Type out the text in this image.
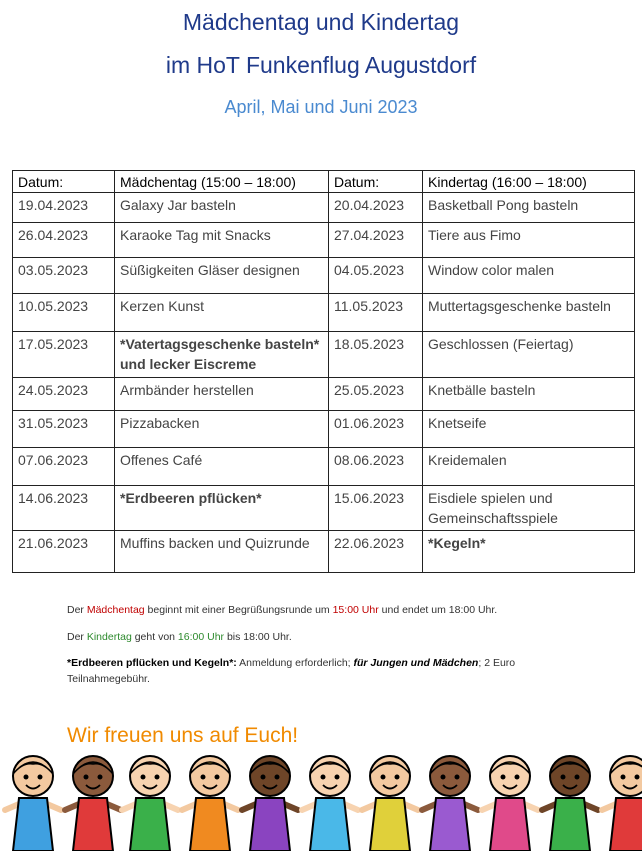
Mädchentag und Kindertag
im HoT Funkenflug Augustdorf
April, Mai und Juni 2023
Datum:	Mädchentag (15:00 – 18:00)	Datum:	Kindertag (16:00 – 18:00)
19.04.2023	Galaxy Jar basteln	20.04.2023	Basketball Pong basteln
26.04.2023	Karaoke Tag mit Snacks	27.04.2023	Tiere aus Fimo
03.05.2023	Süßigkeiten Gläser designen	04.05.2023	Window color malen
10.05.2023	Kerzen Kunst	11.05.2023	Muttertagsgeschenke basteln
17.05.2023	*Vatertagsgeschenke basteln* und lecker Eiscreme	18.05.2023	Geschlossen (Feiertag)
24.05.2023	Armbänder herstellen	25.05.2023	Knetbälle basteln
31.05.2023	Pizzabacken	01.06.2023	Knetseife
07.06.2023	Offenes Café	08.06.2023	Kreidemalen
14.06.2023	*Erdbeeren pflücken*	15.06.2023	Eisdiele spielen und Gemeinschaftsspiele
21.06.2023	Muffins backen und Quizrunde	22.06.2023	*Kegeln*
Der Mädchentag beginnt mit einer Begrüßungsrunde um 15:00 Uhr und endet um 18:00 Uhr.
Der Kindertag geht von 16:00 Uhr bis 18:00 Uhr.
*Erdbeeren pflücken und Kegeln*: Anmeldung erforderlich; für Jungen und Mädchen; 2 Euro Teilnahmegebühr.
Wir freuen uns auf Euch!
